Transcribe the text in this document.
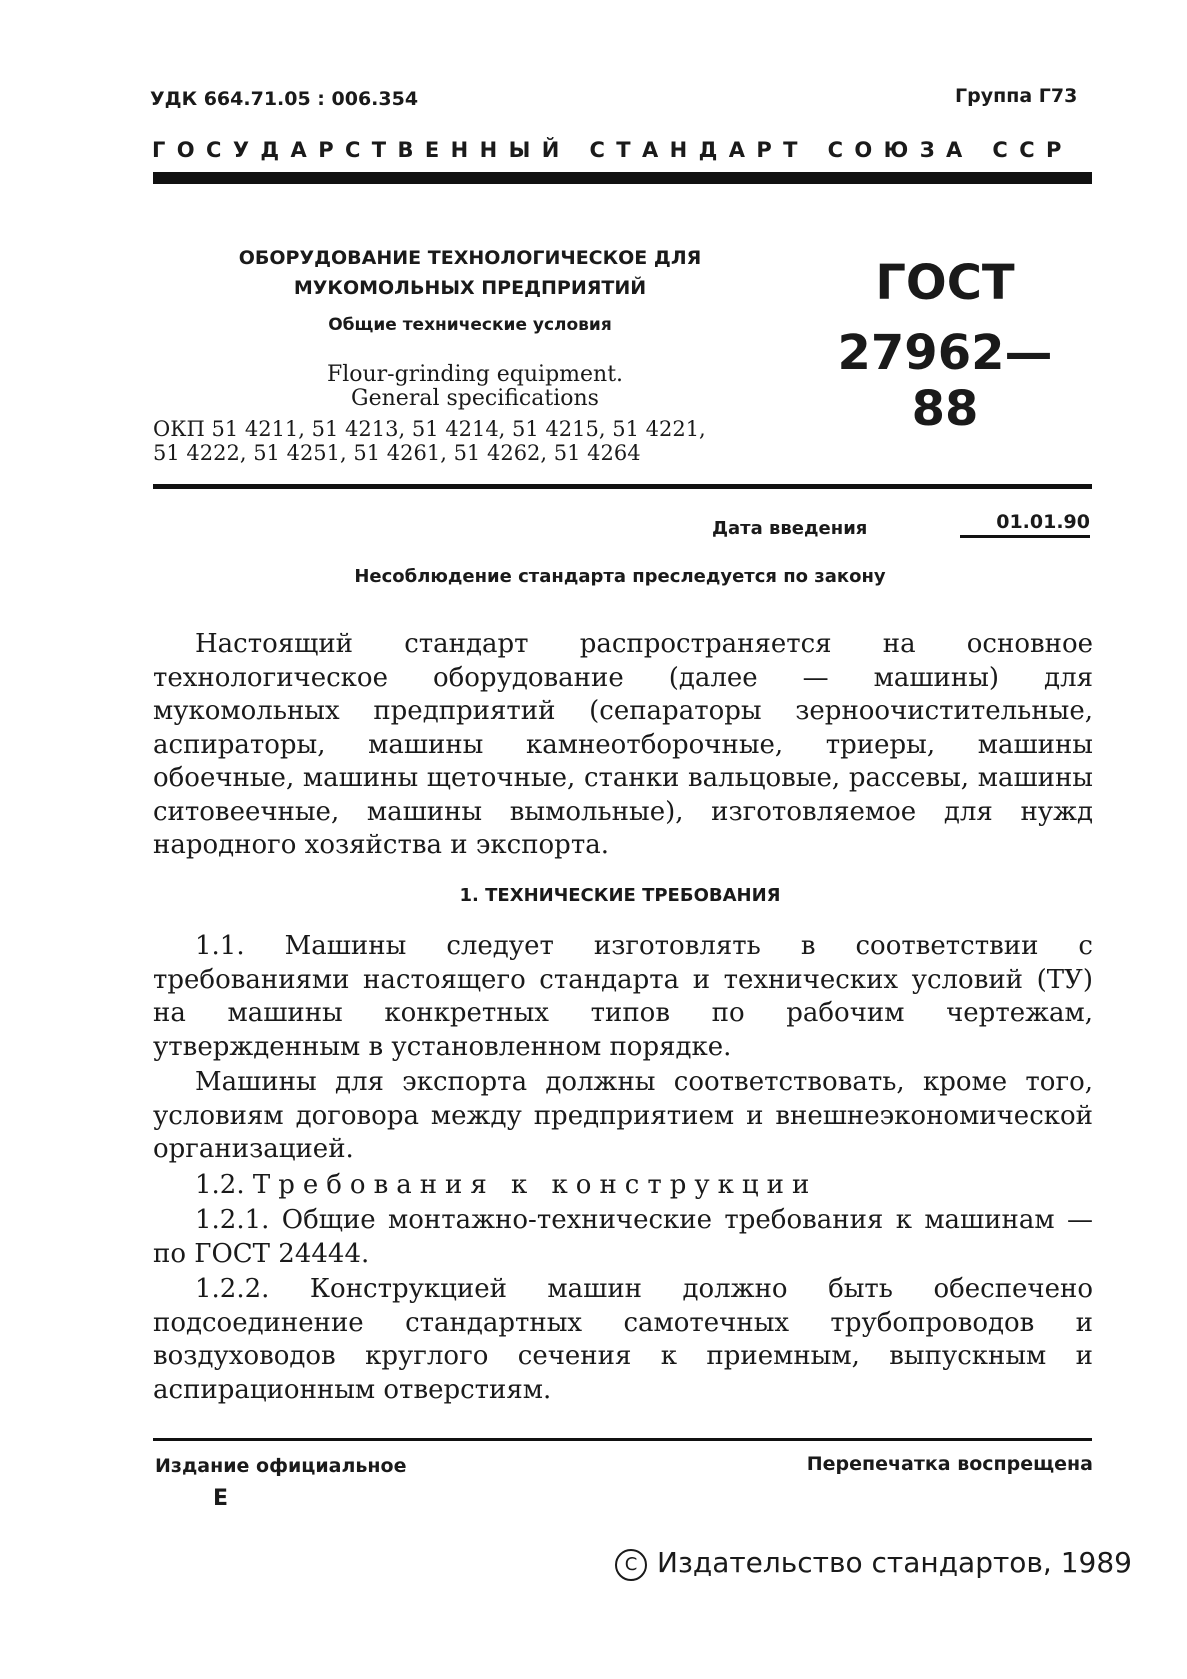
УДК 664.71.05 : 006.354	Группа Г73
ГОСУДАРСТВЕННЫЙ СТАНДАРТ СОЮЗА ССР
ОБОРУДОВАНИЕ ТЕХНОЛОГИЧЕСКОЕ ДЛЯ МУКОМОЛЬНЫХ ПРЕДПРИЯТИЙ
Общие технические условия
Flour-grinding equipment.
General specifications
ОКП 51 4211, 51 4213, 51 4214, 51 4215, 51 4221, 51 4222, 51 4251, 51 4261, 51 4262, 51 4264
ГОСТ
27962—88
Дата введения	01.01.90
Несоблюдение стандарта преследуется по закону

Настоящий стандарт распространяется на основное технологическое оборудование (далее — машины) для мукомольных предприятий (сепараторы зерноочистительные, аспираторы, машины камнеотборочные, триеры, машины обоечные, машины щеточные, станки вальцовые, рассевы, машины ситовеечные, машины вымольные), изготовляемое для нужд народного хозяйства и экспорта.

1. ТЕХНИЧЕСКИЕ ТРЕБОВАНИЯ

1.1. Машины следует изготовлять в соответствии с требованиями настоящего стандарта и технических условий (ТУ) на машины конкретных типов по рабочим чертежам, утвержденным в установленном порядке.

Машины для экспорта должны соответствовать, кроме того, условиям договора между предприятием и внешнеэкономической организацией.

1.2. Требования к конструкции

1.2.1. Общие монтажно-технические требования к машинам — по ГОСТ 24444.

1.2.2. Конструкцией машин должно быть обеспечено подсоединение стандартных самотечных трубопроводов и воздуховодов круглого сечения к приемным, выпускным и аспирационным отверстиям.

Издание официальное
Е
Перепечатка воспрещена
C Издательство стандартов, 1989
